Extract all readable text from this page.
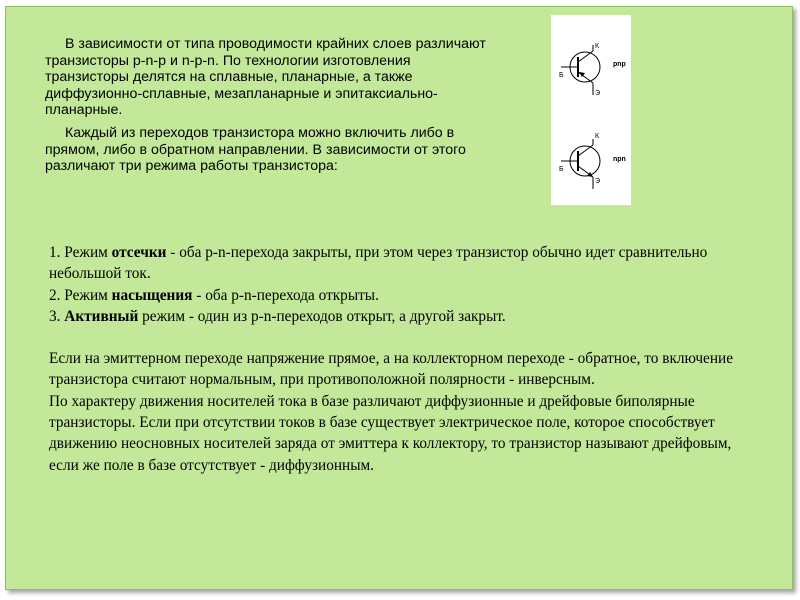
В зависимости от типа проводимости крайних слоев различают транзисторы p-n-p и n-p-n. По технологии изготовления транзисторы делятся на сплавные, планарные, а также диффузионно-сплавные, мезапланарные и эпитаксиально-планарные.

Каждый из переходов транзистора можно включить либо в прямом, либо в обратном направлении. В зависимости от этого различают три режима работы транзистора:

К
Б
Э
pnp
К
Б
Э
npn

1. Режим отсечки - оба p-n-перехода закрыты, при этом через транзистор обычно идет сравнительно небольшой ток.

2. Режим насыщения - оба p-n-перехода открыты.

3. Активный режим - один из p-n-переходов открыт, а другой закрыт.

Если на эмиттерном переходе напряжение прямое, а на коллекторном переходе - обратное, то включение транзистора считают нормальным, при противоположной полярности - инверсным.

По характеру движения носителей тока в базе различают диффузионные и дрейфовые биполярные транзисторы. Если при отсутствии токов в базе существует электрическое поле, которое способствует движению неосновных носителей заряда от эмиттера к коллектору, то транзистор называют дрейфовым, если же поле в базе отсутствует - диффузионным.
